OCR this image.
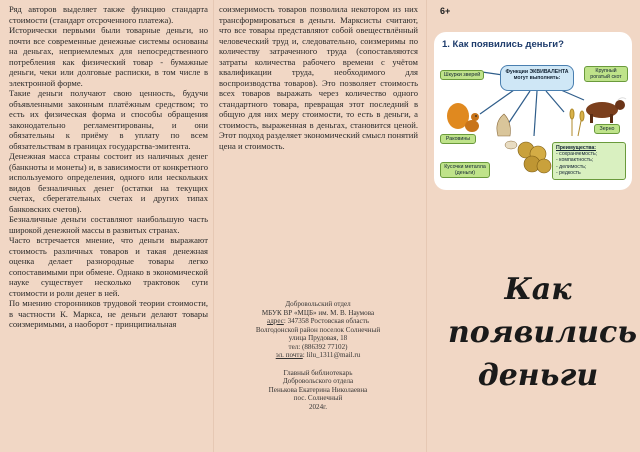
Ряд авторов выделяет также функцию стандарта стоимости (стандарт отсроченного платежа).

Исторически первыми были товарные деньги, но почти все современные денежные системы основаны на деньгах, неприемлемых для непосредственного потребления как физический товар - бумажные деньги, чеки или долговые расписки, в том числе в электронной форме.

Такие деньги получают свою ценность, будучи объявленными законным платёжным средством; то есть их физическая форма и способы обращения законодательно регламентированы, и они обязательны к приёму в уплату по всем обязательствам в границах государства-эмитента.

Денежная масса страны состоит из наличных денег (банкноты и монеты) и, в зависимости от конкретного используемого определения, одного или нескольких видов безналичных денег (остатки на текущих счетах, сберегательных счетах и других типах банковских счетов).

Безналичные деньги составляют наибольшую часть широкой денежной массы в развитых странах.

Часто встречается мнение, что деньги выражают стоимость различных товаров и такая денежная оценка делает разнородные товары легко сопоставимыми при обмене. Однако в экономической науке существует несколько трактовок сути стоимости и роли денег в ней.

По мнению сторонников трудовой теории стоимости, в частности К. Маркса, не деньги делают товары соизмеримыми, а наоборот - принципиальная

соизмеримость товаров позволила некотором из них трансформироваться в деньги. Марксисты считают, что все товары представляют собой овеществлённый человеческий труд и, следовательно, соизмеримы по количеству затраченного труда (сопоставляются затраты количества рабочего времени с учётом квалификации труда, необходимого для воспроизводства товаров). Это позволяет стоимость всех товаров выражать через количество одного стандартного товара, превращая этот последний в общую для них меру стоимости, то есть в деньги, а стоимость, выраженная в деньгах, становится ценой. Этот подход разделяет экономический смысл понятий цена и стоимость.

6+
1. Как появились деньги?
Функции ЭКВИВАЛЕНТА могут выполнять:
Шкурки зверей
Крупный рогатый скот
Раковины
Зерно
Кусочки металла (деньги)
Преимущества:
- сохраняемость;
- компактность;
- делимость;
- редкость

Добровольский отдел

МБУК ВР «МЦБ» им. М. В. Наумова

адрес: 347358 Ростовская область

Волгодонской район поселок Солнечный

улица Прудовая, 18

тел: (886392 77102)

эл. почта: lilu_1311@mail.ru

Главный библиотекарь

Добровольского отдела

Пенькова Екатерина Николаевна

пос. Солнечный

2024г.

Как
появились
деньги
